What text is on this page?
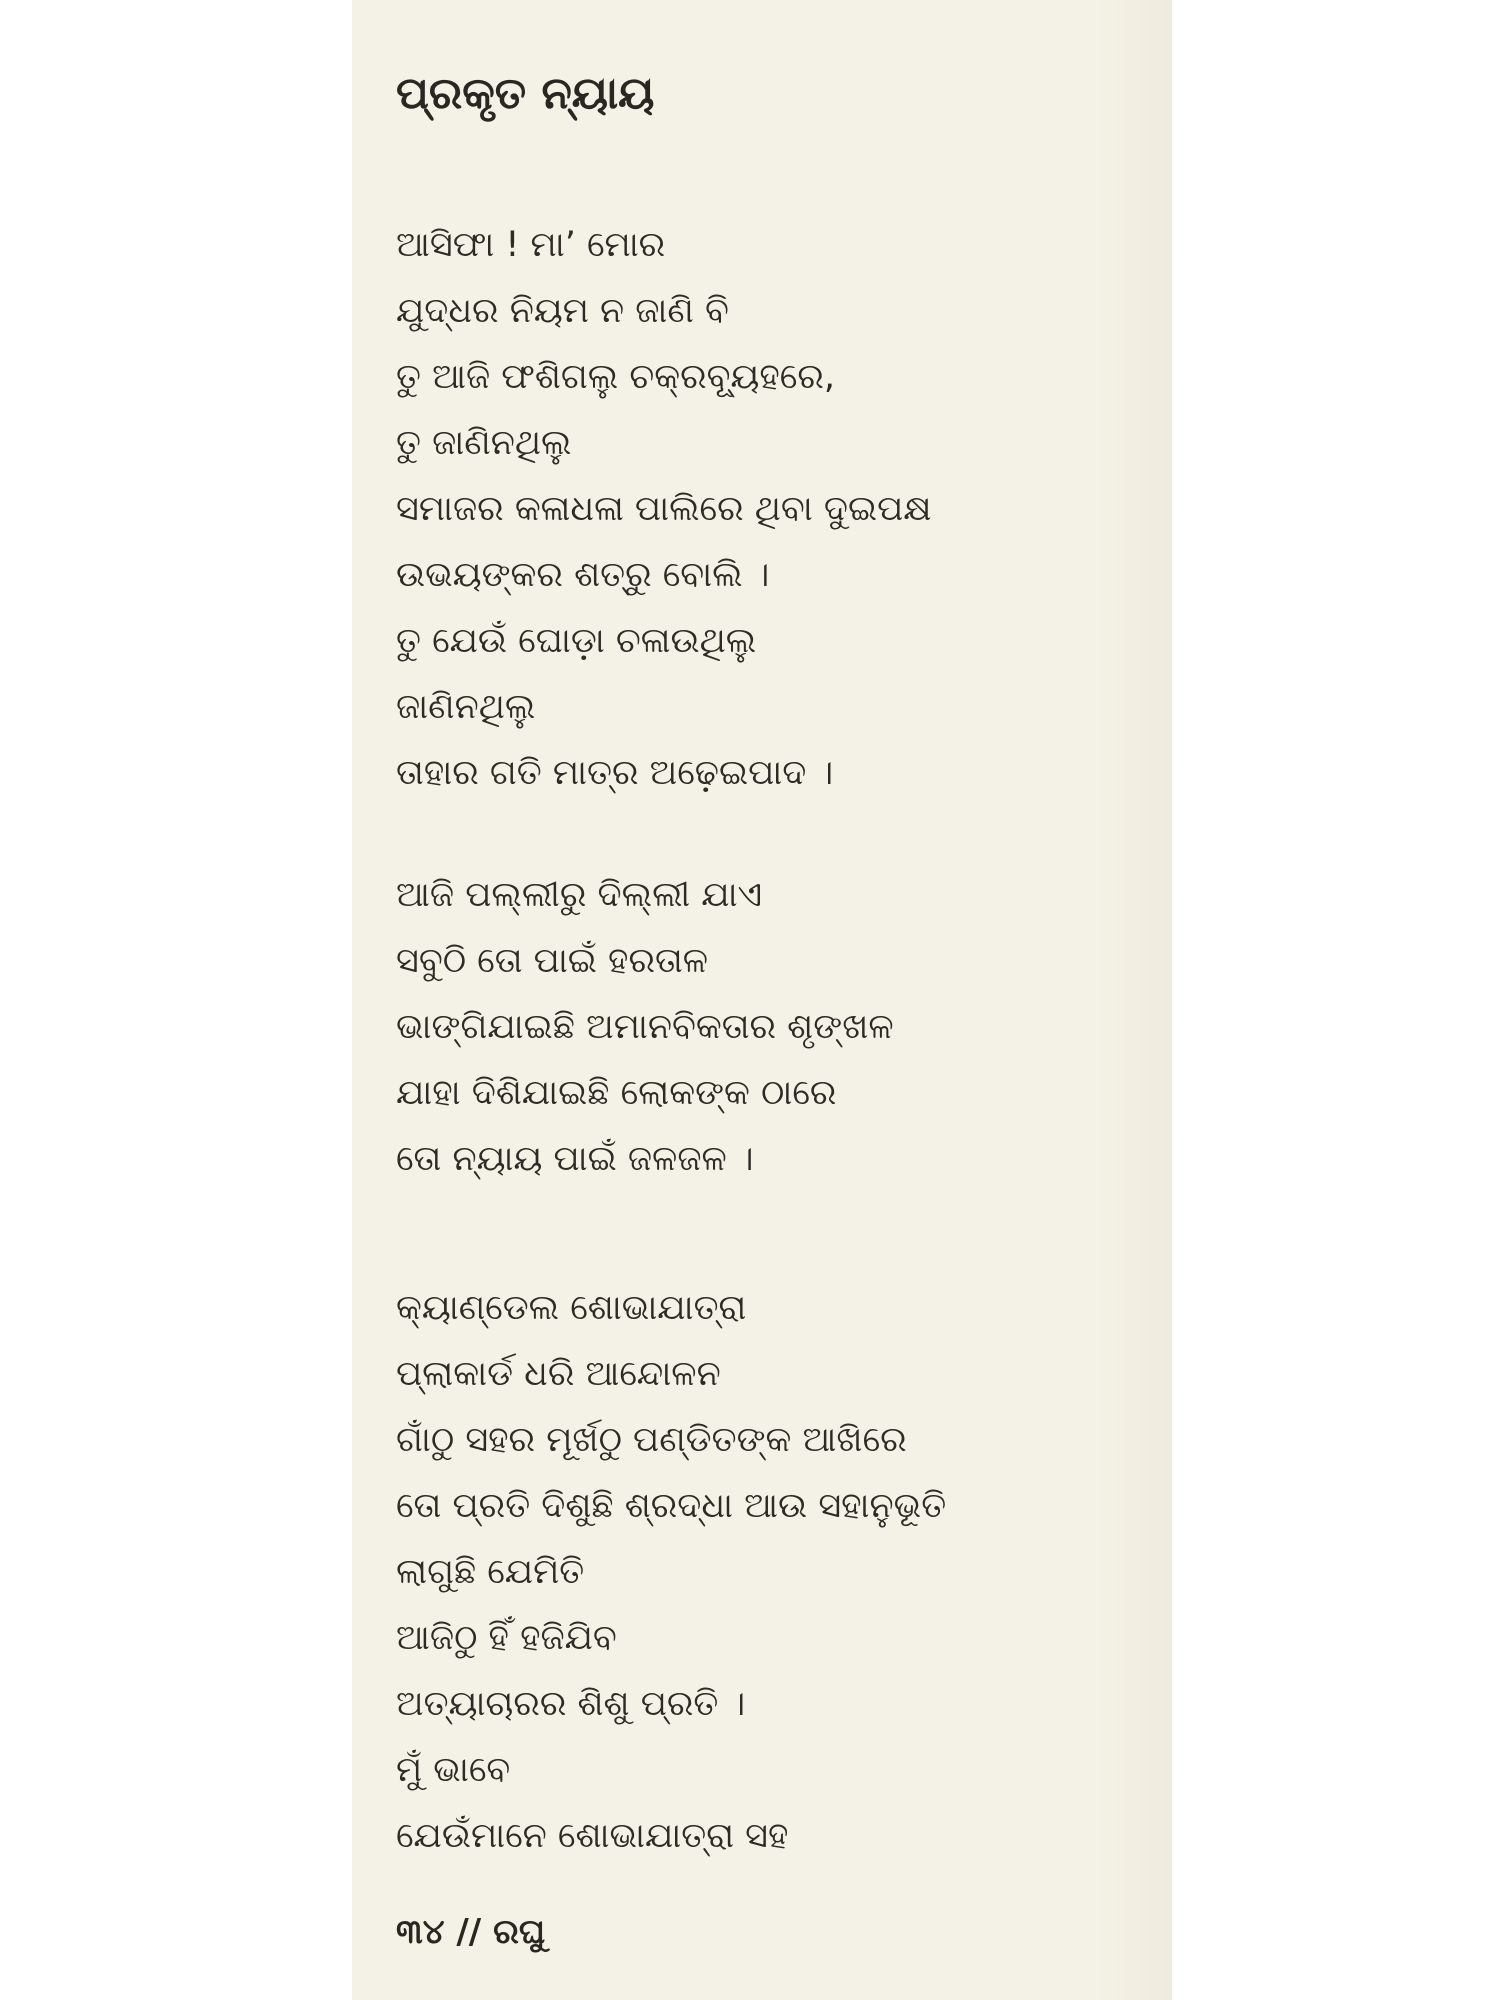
ପ୍ରକୃତ ନ୍ୟାୟ
ଆସିଫା ! ମା’ ମୋର
ଯୁଦ୍ଧର ନିୟମ ନ ଜାଣି ବି
ତୁ ଆଜି ଫଶିଗଲୁ ଚକ୍ରବ୍ୟୂହରେ,
ତୁ ଜାଣିନଥିଲୁ
ସମାଜର କଳାଧଳା ପାଲିରେ ଥିବା ଦୁଇପକ୍ଷ
ଉଭୟଙ୍କର ଶତ୍ରୁ ବୋଲି ।
ତୁ ଯେଉଁ ଘୋଡ଼ା ଚଳାଉଥିଲୁ
ଜାଣିନଥିଲୁ
ତାହାର ଗତି ମାତ୍ର ଅଢ଼େଇପାଦ ।
ଆଜି ପଲ୍ଲୀରୁ ଦିଲ୍ଲୀ ଯାଏ
ସବୁଠି ତୋ ପାଇଁ ହରତାଳ
ଭାଙ୍ଗିଯାଇଛି ଅମାନବିକତାର ଶୃଙ୍ଖଳ
ଯାହା ଦିଶିଯାଇଛି ଲୋକଙ୍କ ଠାରେ
ତୋ ନ୍ୟାୟ ପାଇଁ ଜଳଜଳ ।
କ୍ୟାଣ୍ଡେଲ ଶୋଭାଯାତ୍ରା
ପ୍ଲାକାର୍ଡ ଧରି ଆନ୍ଦୋଳନ
ଗାଁଠୁ ସହର ମୂର୍ଖଠୁ ପଣ୍ଡିତଙ୍କ ଆଖିରେ
ତୋ ପ୍ରତି ଦିଶୁଛି ଶ୍ରଦ୍ଧା ଆଉ ସହାନୁଭୂତି
ଲାଗୁଛି ଯେମିତି
ଆଜିଠୁ ହିଁ ହଜିଯିବ
ଅତ୍ୟାଚାରର ଶିଶୁ ପ୍ରତି ।
ମୁଁ ଭାବେ
ଯେଉଁମାନେ ଶୋଭାଯାତ୍ରା ସହ
୩୪ // ରଘୁ
